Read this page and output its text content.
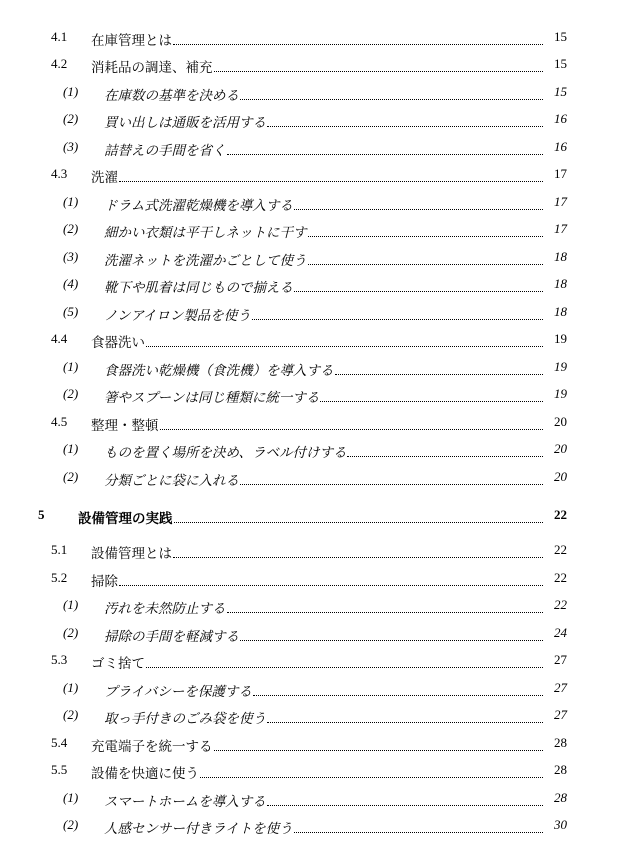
4.1 在庫管理とは	15
4.2 消耗品の調達、補充	15
(1) 在庫数の基準を決める	15
(2) 買い出しは通販を活用する	16
(3) 詰替えの手間を省く	16
4.3 洗濯	17
(1) ドラム式洗濯乾燥機を導入する	17
(2) 細かい衣類は平干しネットに干す	17
(3) 洗濯ネットを洗濯かごとして使う	18
(4) 靴下や肌着は同じもので揃える	18
(5) ノンアイロン製品を使う	18
4.4 食器洗い	19
(1) 食器洗い乾燥機（食洗機）を導入する	19
(2) 箸やスプーンは同じ種類に統一する	19
4.5 整理・整頓	20
(1) ものを置く場所を決め、ラベル付けする	20
(2) 分類ごとに袋に入れる	20
5 設備管理の実践	22
5.1 設備管理とは	22
5.2 掃除	22
(1) 汚れを未然防止する	22
(2) 掃除の手間を軽減する	24
5.3 ゴミ捨て	27
(1) プライバシーを保護する	27
(2) 取っ手付きのごみ袋を使う	27
5.4 充電端子を統一する	28
5.5 設備を快適に使う	28
(1) スマートホームを導入する	28
(2) 人感センサー付きライトを使う	30
